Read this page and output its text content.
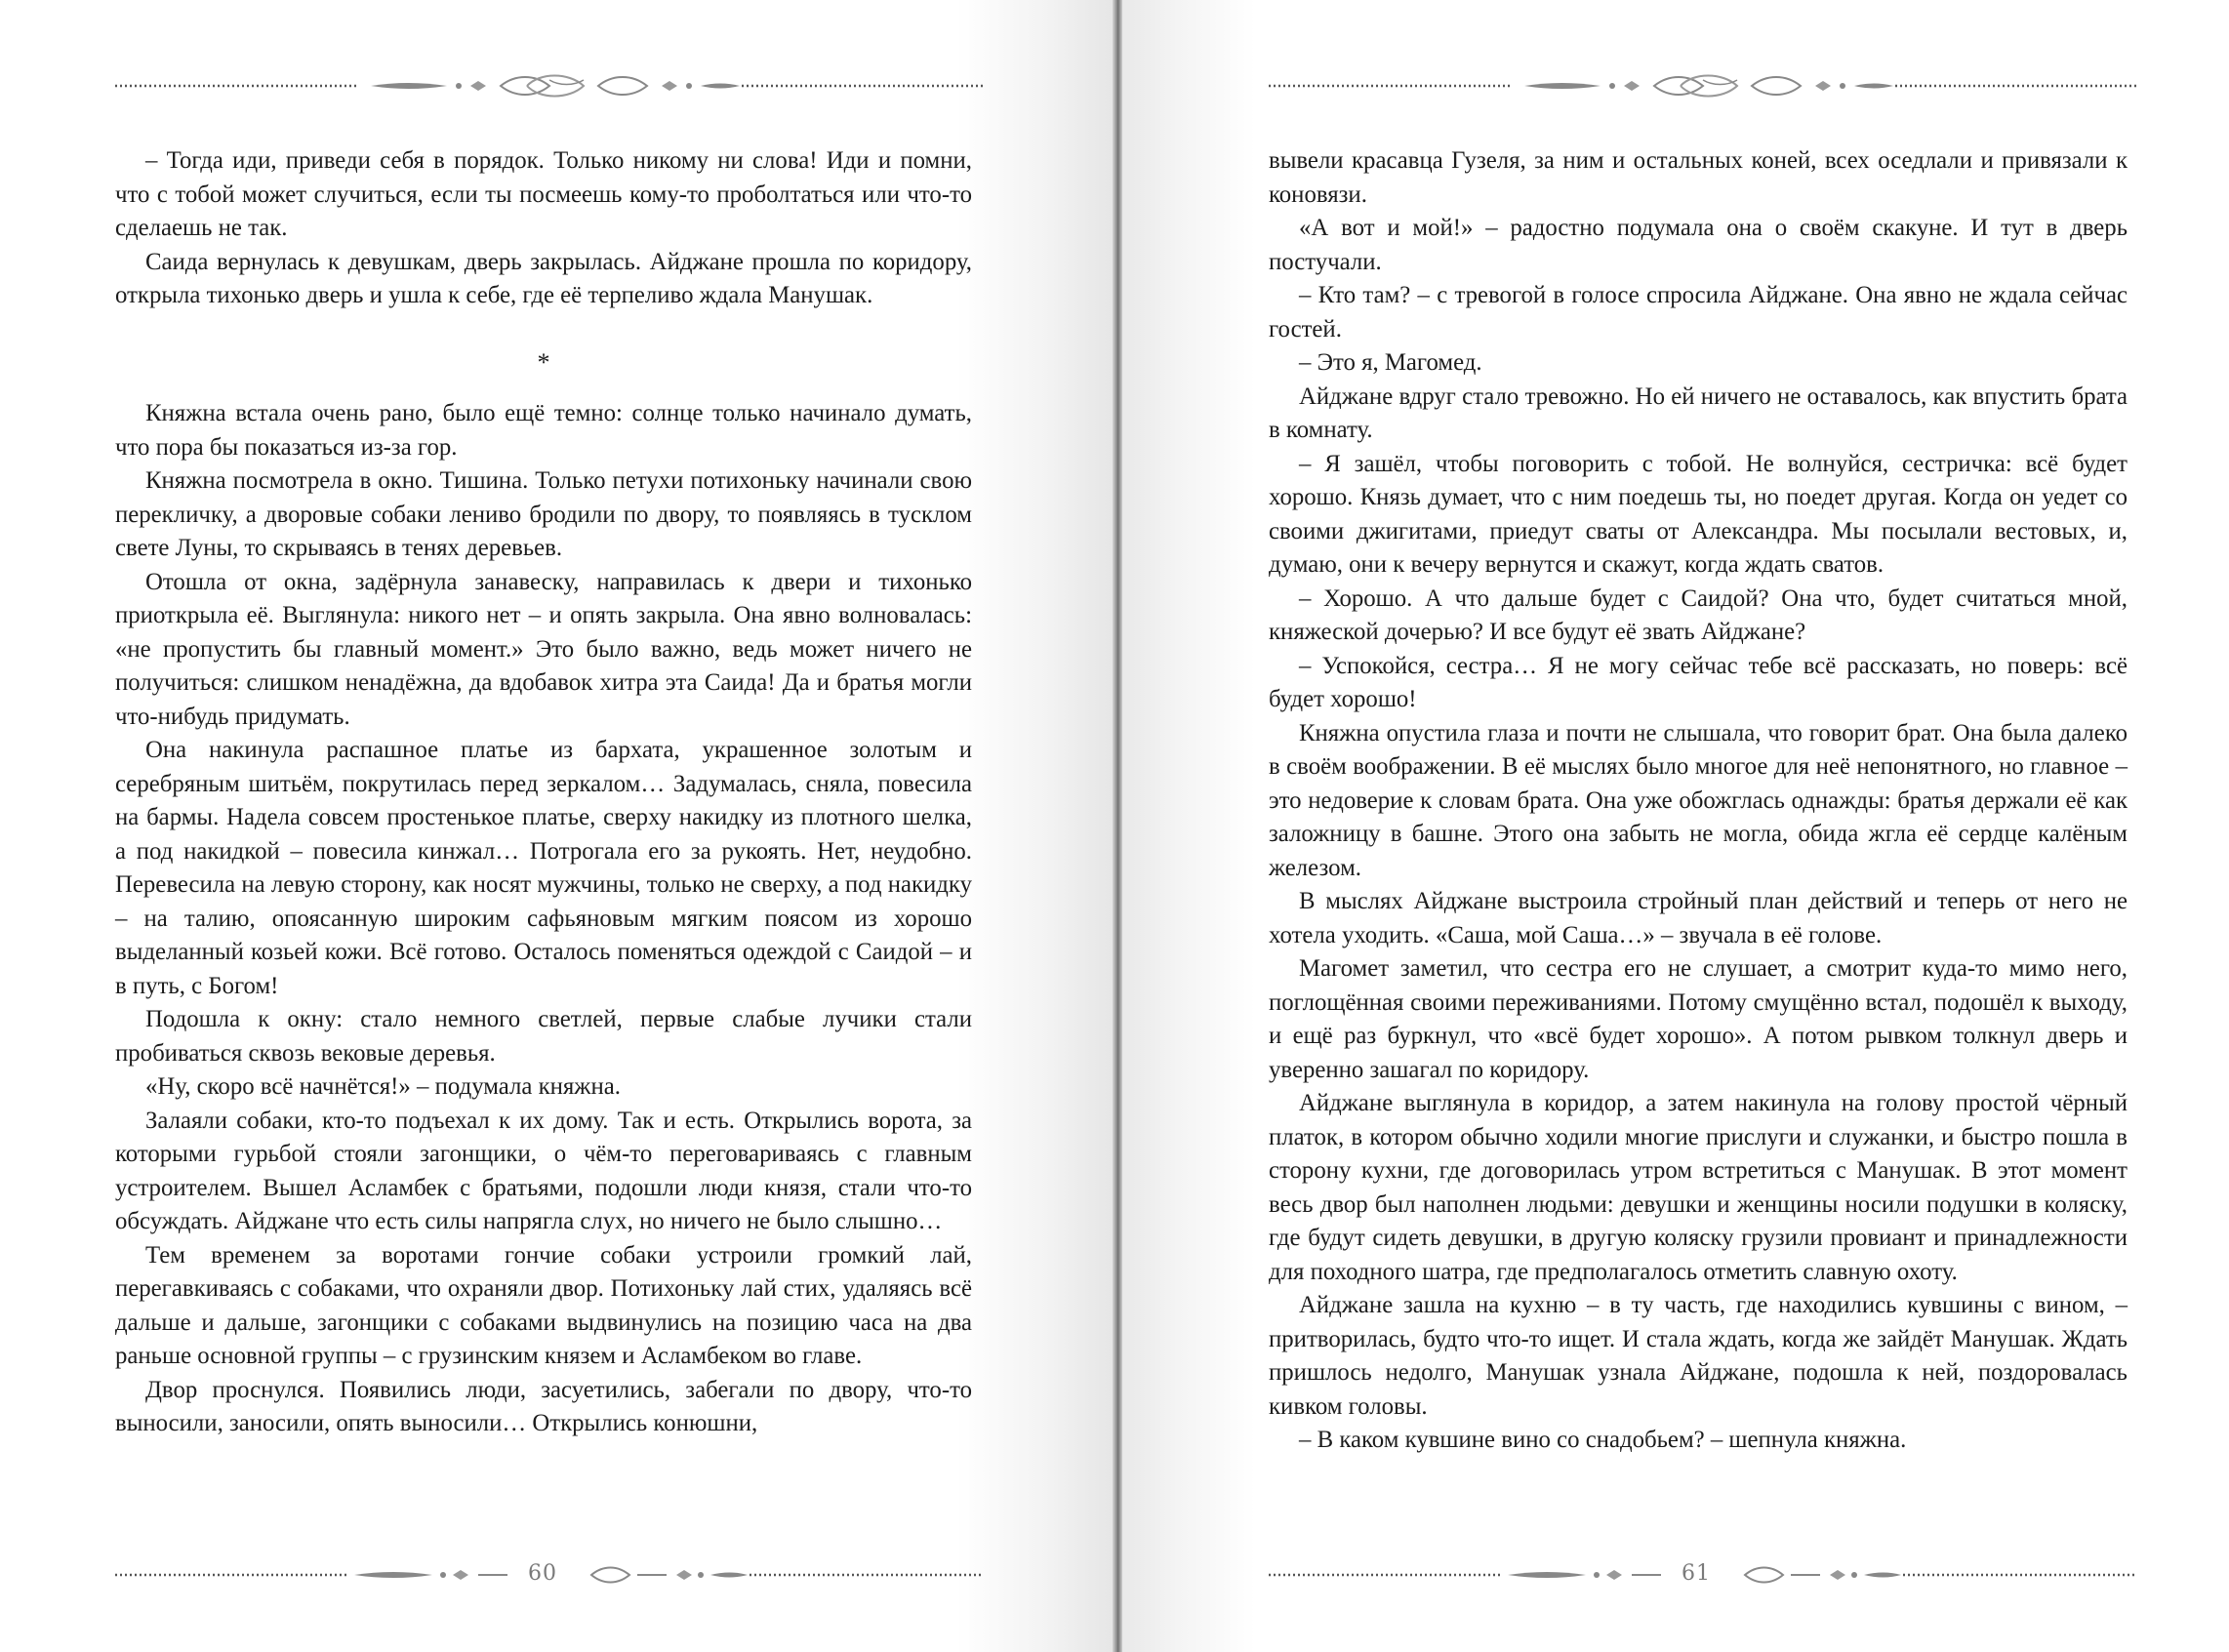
– Тогда иди, приведи себя в порядок. Только никому ни слова! Иди и помни, что с тобой может случиться, если ты посмеешь кому-то проболтаться или что-то сделаешь не так.

Саида вернулась к девушкам, дверь закрылась. Айджане прошла по коридору, открыла тихонько дверь и ушла к себе, где её терпеливо ждала Манушак.

*

Княжна встала очень рано, было ещё темно: солнце только начинало думать, что пора бы показаться из-за гор.

Княжна посмотрела в окно. Тишина. Только петухи потихоньку начинали свою перекличку, а дворовые собаки лениво бродили по двору, то появляясь в тусклом свете Луны, то скрываясь в тенях деревьев.

Отошла от окна, задёрнула занавеску, направилась к двери и тихонько приоткрыла её. Выглянула: никого нет – и опять закрыла. Она явно волновалась: «не пропустить бы главный момент.» Это было важно, ведь может ничего не получиться: слишком ненадёжна, да вдобавок хитра эта Саида! Да и братья могли что-нибудь придумать.

Она накинула распашное платье из бархата, украшенное золотым и серебряным шитьём, покрутилась перед зеркалом… Задумалась, сняла, повесила на бармы. Надела совсем простенькое платье, сверху накидку из плотного шелка, а под накидкой – повесила кинжал… Потрогала его за рукоять. Нет, неудобно. Перевесила на левую сторону, как носят мужчины, только не сверху, а под накидку – на талию, опоясанную широким сафьяновым мягким поясом из хорошо выделанный козьей кожи. Всё готово. Осталось поменяться одеждой с Саидой – и в путь, с Богом!

Подошла к окну: стало немного светлей, первые слабые лучики стали пробиваться сквозь вековые деревья.

«Ну, скоро всё начнётся!» – подумала княжна.

Залаяли собаки, кто-то подъехал к их дому. Так и есть. Открылись ворота, за которыми гурьбой стояли загонщики, о чём-то переговариваясь с главным устроителем. Вышел Асламбек с братьями, подошли люди князя, стали что-то обсуждать. Айджане что есть силы напрягла слух, но ничего не было слышно…

Тем временем за воротами гончие собаки устроили громкий лай, перегавкиваясь с собаками, что охраняли двор. Потихоньку лай стих, удаляясь всё дальше и дальше, загонщики с собаками выдвинулись на позицию часа на два раньше основной группы – с грузинским князем и Асламбеком во главе.

Двор проснулся. Появились люди, засуетились, забегали по двору, что-то выносили, заносили, опять выносили… Открылись конюшни,

60

вывели красавца Гузеля, за ним и остальных коней, всех оседлали и привязали к коновязи.

«А вот и мой!» – радостно подумала она о своём скакуне. И тут в дверь постучали.

– Кто там? – с тревогой в голосе спросила Айджане. Она явно не ждала сейчас гостей.

– Это я, Магомед.

Айджане вдруг стало тревожно. Но ей ничего не оставалось, как впустить брата в комнату.

– Я зашёл, чтобы поговорить с тобой. Не волнуйся, сестричка: всё будет хорошо. Князь думает, что с ним поедешь ты, но поедет другая. Когда он уедет со своими джигитами, приедут сваты от Александра. Мы посылали вестовых, и, думаю, они к вечеру вернутся и скажут, когда ждать сватов.

– Хорошо. А что дальше будет с Саидой? Она что, будет считаться мной, княжеской дочерью? И все будут её звать Айджане?

– Успокойся, сестра… Я не могу сейчас тебе всё рассказать, но поверь: всё будет хорошо!

Княжна опустила глаза и почти не слышала, что говорит брат. Она была далеко в своём воображении. В её мыслях было многое для неё непонятного, но главное – это недоверие к словам брата. Она уже обожглась однажды: братья держали её как заложницу в башне. Этого она забыть не могла, обида жгла её сердце калёным железом.

В мыслях Айджане выстроила стройный план действий и теперь от него не хотела уходить. «Саша, мой Саша…» – звучала в её голове.

Магомет заметил, что сестра его не слушает, а смотрит куда-то мимо него, поглощённая своими переживаниями. Потому смущённо встал, подошёл к выходу, и ещё раз буркнул, что «всё будет хорошо». А потом рывком толкнул дверь и уверенно зашагал по коридору.

Айджане выглянула в коридор, а затем накинула на голову простой чёрный платок, в котором обычно ходили многие прислуги и служанки, и быстро пошла в сторону кухни, где договорилась утром встретиться с Манушак. В этот момент весь двор был наполнен людьми: девушки и женщины носили подушки в коляску, где будут сидеть девушки, в другую коляску грузили провиант и принадлежности для походного шатра, где предполагалось отметить славную охоту.

Айджане зашла на кухню – в ту часть, где находились кувшины с вином, – притворилась, будто что-то ищет. И стала ждать, когда же зайдёт Манушак. Ждать пришлось недолго, Манушак узнала Айджане, подошла к ней, поздоровалась кивком головы.

– В каком кувшине вино со снадобьем? – шепнула княжна.

61
